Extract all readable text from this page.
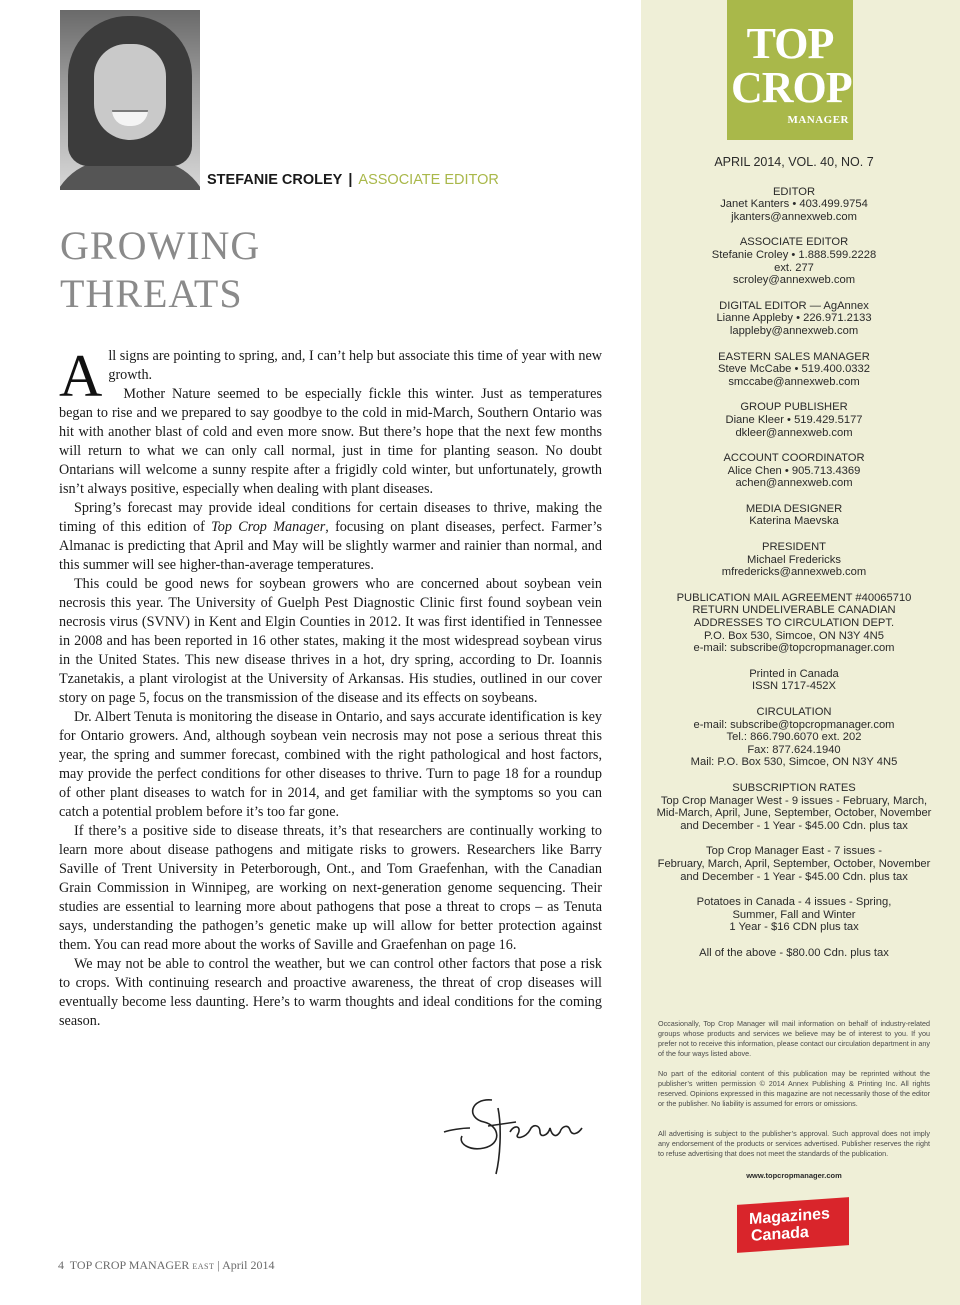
STEFANIE CROLEY | ASSOCIATE EDITOR
GROWING
THREATS

All signs are pointing to spring, and, I can’t help but associate this time of year with new growth.

Mother Nature seemed to be especially fickle this winter. Just as temperatures began to rise and we prepared to say goodbye to the cold in mid-March, Southern Ontario was hit with another blast of cold and even more snow. But there’s hope that the next few months will return to what we can only call normal, just in time for planting season. No doubt Ontarians will welcome a sunny respite after a frigidly cold winter, but unfortunately, growth isn’t always positive, especially when dealing with plant diseases.

Spring’s forecast may provide ideal conditions for certain diseases to thrive, making the timing of this edition of Top Crop Manager, focusing on plant diseases, perfect. Farmer’s Almanac is predicting that April and May will be slightly warmer and rainier than normal, and this summer will see higher-than-average temperatures.

This could be good news for soybean growers who are concerned about soybean vein necrosis this year. The University of Guelph Pest Diagnostic Clinic first found soybean vein necrosis virus (SVNV) in Kent and Elgin Counties in 2012. It was first identified in Tennessee in 2008 and has been reported in 16 other states, making it the most widespread soybean virus in the United States. This new disease thrives in a hot, dry spring, according to Dr. Ioannis Tzanetakis, a plant virologist at the University of Arkansas. His studies, outlined in our cover story on page 5, focus on the transmission of the disease and its effects on soybeans.

Dr. Albert Tenuta is monitoring the disease in Ontario, and says accurate identification is key for Ontario growers. And, although soybean vein necrosis may not pose a serious threat this year, the spring and summer forecast, combined with the right pathological and host factors, may provide the perfect conditions for other diseases to thrive. Turn to page 18 for a roundup of other plant diseases to watch for in 2014, and get familiar with the symptoms so you can catch a potential problem before it’s too far gone.

If there’s a positive side to disease threats, it’s that researchers are continually working to learn more about disease pathogens and mitigate risks to growers. Researchers like Barry Saville of Trent University in Peterborough, Ont., and Tom Graefenhan, with the Canadian Grain Commission in Winnipeg, are working on next-generation genome sequencing. Their studies are essential to learning more about pathogens that pose a threat to crops – as Tenuta says, understanding the pathogen’s genetic make up will allow for better protection against them. You can read more about the works of Saville and Graefenhan on page 16.

We may not be able to control the weather, but we can control other factors that pose a risk to crops. With continuing research and proactive awareness, the threat of crop diseases will eventually become less daunting. Here’s to warm thoughts and ideal conditions for the coming season.

4 TOP CROP MANAGER EAST | April 2014
TOP
CROP
MANAGER
APRIL 2014, VOL. 40, NO. 7
EDITOR
Janet Kanters • 403.499.9754
jkanters@annexweb.com
ASSOCIATE EDITOR
Stefanie Croley • 1.888.599.2228
ext. 277
scroley@annexweb.com
DIGITAL EDITOR — AgAnnex
Lianne Appleby • 226.971.2133
lappleby@annexweb.com
EASTERN SALES MANAGER
Steve McCabe • 519.400.0332
smccabe@annexweb.com
GROUP PUBLISHER
Diane Kleer • 519.429.5177
dkleer@annexweb.com
ACCOUNT COORDINATOR
Alice Chen • 905.713.4369
achen@annexweb.com
MEDIA DESIGNER
Katerina Maevska
PRESIDENT
Michael Fredericks
mfredericks@annexweb.com
PUBLICATION MAIL AGREEMENT #40065710
RETURN UNDELIVERABLE CANADIAN
ADDRESSES TO CIRCULATION DEPT.
P.O. Box 530, Simcoe, ON N3Y 4N5
e-mail: subscribe@topcropmanager.com
Printed in Canada
ISSN 1717-452X
CIRCULATION
e-mail: subscribe@topcropmanager.com
Tel.: 866.790.6070 ext. 202
Fax: 877.624.1940
Mail: P.O. Box 530, Simcoe, ON N3Y 4N5
SUBSCRIPTION RATES
Top Crop Manager West - 9 issues - February, March,
Mid-March, April, June, September, October, November
and December - 1 Year - $45.00 Cdn. plus tax
Top Crop Manager East - 7 issues -
February, March, April, September, October, November
and December - 1 Year - $45.00 Cdn. plus tax
Potatoes in Canada - 4 issues - Spring,
Summer, Fall and Winter
1 Year - $16 CDN plus tax
All of the above - $80.00 Cdn. plus tax
Occasionally, Top Crop Manager will mail information on behalf of industry-related groups whose products and services we believe may be of interest to you. If you prefer not to receive this information, please contact our circulation department in any of the four ways listed above.
No part of the editorial content of this publication may be reprinted without the publisher’s written permission © 2014 Annex Publishing & Printing Inc. All rights reserved. Opinions expressed in this magazine are not necessarily those of the editor or the publisher. No liability is assumed for errors or omissions.
All advertising is subject to the publisher’s approval. Such approval does not imply any endorsement of the products or services advertised. Publisher reserves the right to refuse advertising that does not meet the standards of the publication.
www.topcropmanager.com
Magazines
Canada
